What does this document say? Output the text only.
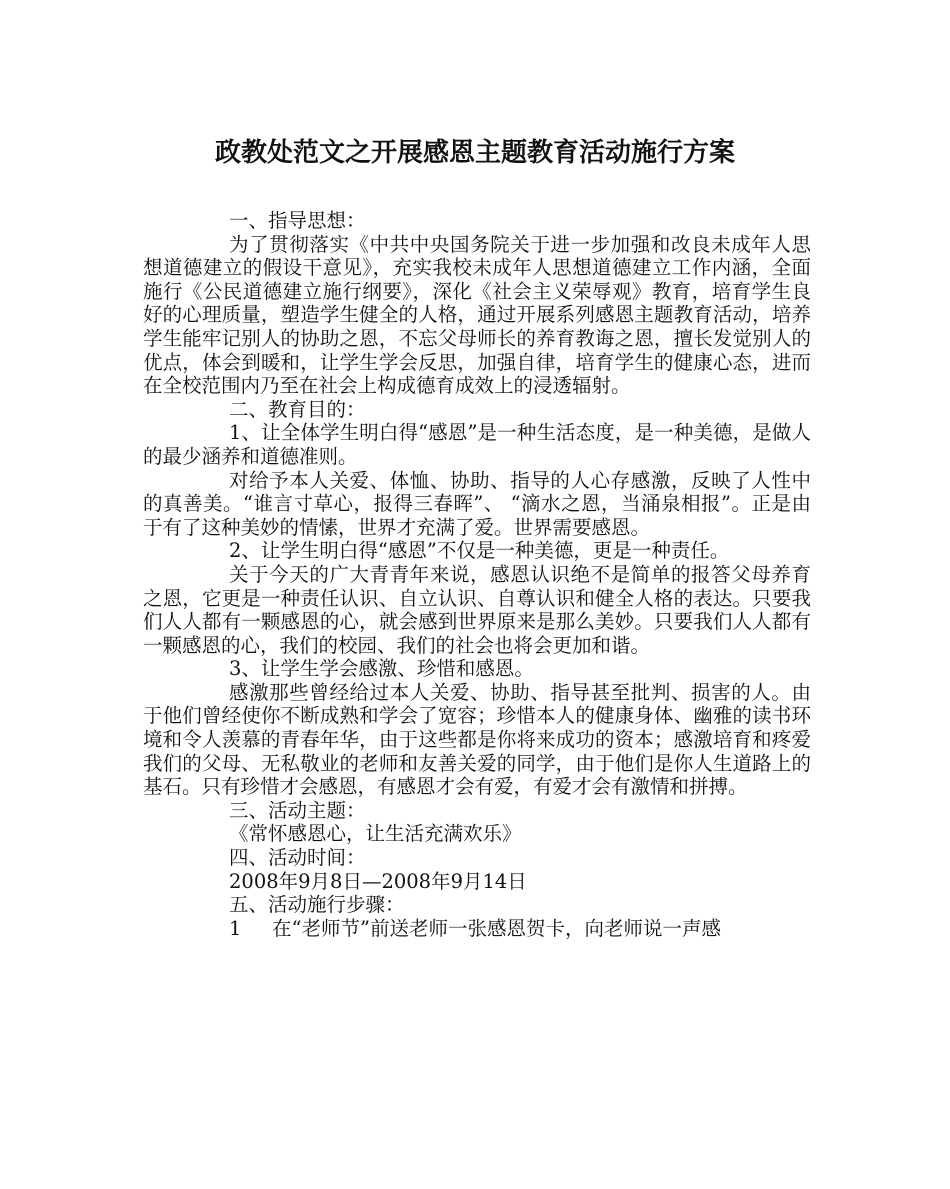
政教处范文之开展感恩主题教育活动施行方案

一、指导思想：

为了贯彻落实《中共中央国务院关于进一步加强和改良未成年人思想道德建立的假设干意见》，充实我校未成年人思想道德建立工作内涵，全面施行《公民道德建立施行纲要》，深化《社会主义荣辱观》教育，培育学生良好的心理质量，塑造学生健全的人格，通过开展系列感恩主题教育活动，培养学生能牢记别人的协助之恩，不忘父母师长的养育教诲之恩，擅长发觉别人的优点，体会到暖和，让学生学会反思，加强自律，培育学生的健康心态，进而在全校范围内乃至在社会上构成德育成效上的浸透辐射。

二、教育目的：

1、让全体学生明白得“感恩”是一种生活态度，是一种美德，是做人的最少涵养和道德准则。

对给予本人关爱、体恤、协助、指导的人心存感激，反映了人性中的真善美。“谁言寸草心，报得三春晖”、 “滴水之恩，当涌泉相报”。正是由于有了这种美妙的情愫，世界才充满了爱。世界需要感恩。

2、让学生明白得“感恩”不仅是一种美德，更是一种责任。

关于今天的广大青青年来说，感恩认识绝不是简单的报答父母养育之恩，它更是一种责任认识、自立认识、自尊认识和健全人格的表达。只要我们人人都有一颗感恩的心，就会感到世界原来是那么美妙。只要我们人人都有一颗感恩的心，我们的校园、我们的社会也将会更加和谐。

3、让学生学会感激、珍惜和感恩。

感激那些曾经给过本人关爱、协助、指导甚至批判、损害的人。由于他们曾经使你不断成熟和学会了宽容；珍惜本人的健康身体、幽雅的读书环境和令人羡慕的青春年华，由于这些都是你将来成功的资本；感激培育和疼爱我们的父母、无私敬业的老师和友善关爱的同学，由于他们是你人生道路上的基石。只有珍惜才会感恩，有感恩才会有爱，有爱才会有激情和拼搏。

三、活动主题：

《常怀感恩心，让生活充满欢乐》

四、活动时间：

2008年9月8日—2008年9月14日

五、活动施行步骤：

1 在“老师节”前送老师一张感恩贺卡，向老师说一声感
